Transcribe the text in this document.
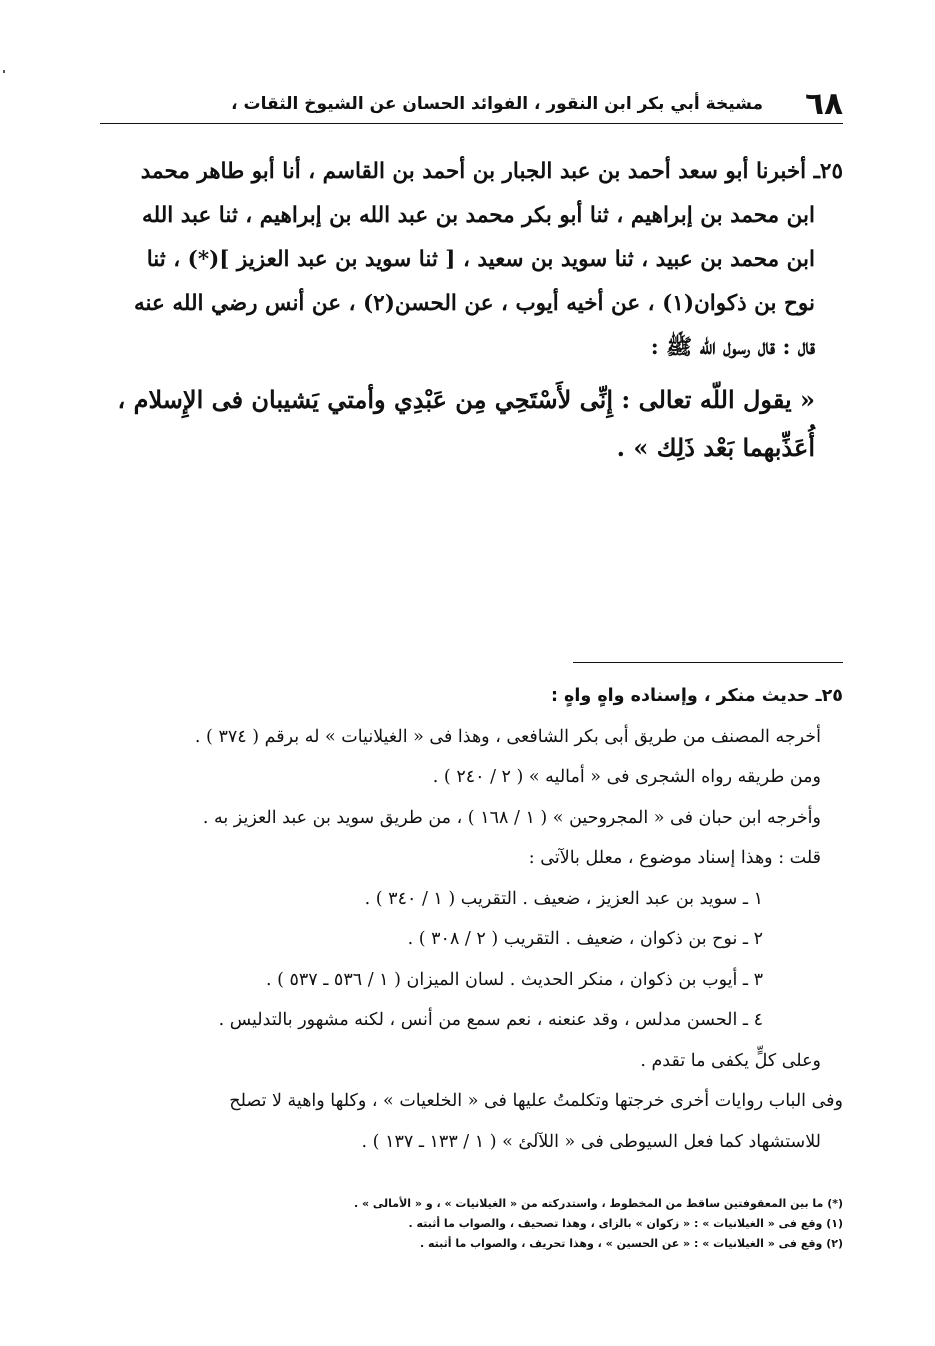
٦٨
مشيخة أبي بكر ابن النقور ، الفوائد الحسان عن الشيوخ الثقات ،
٢٥ـ أخبرنا أبو سعد أحمد بن عبد الجبار بن أحمد بن القاسم ، أنا أبو طاهر محمد
ابن محمد بن إبراهيم ، ثنا أبو بكر محمد بن عبد الله بن إبراهيم ، ثنا عبد الله
ابن محمد بن عبيد ، ثنا سويد بن سعيد ، [ ثنا سويد بن عبد العزيز ](*) ، ثنا
نوح بن ذكوان(١) ، عن أخيه أيوب ، عن الحسن(٢) ، عن أنس رضي الله عنه
قال : قال رسول الله ﷺ :
« يقول اللّه تعالى : إِنِّى لأَسْتَحِي مِن عَبْدِي وأمتي يَشيبان فى الإِسلام ،
أُعَذِّبهما بَعْد ذَلِك » .
٢٥ـ حديث منكر ، وإسناده واهٍ واهٍ :
أخرجه المصنف من طريق أبى بكر الشافعى ، وهذا فى « الغيلانيات » له برقم ( ٣٧٤ ) .
ومن طريقه رواه الشجرى فى « أماليه » ( ٢ / ٢٤٠ ) .
وأخرجه ابن حبان فى « المجروحين » ( ١ / ١٦٨ ) ، من طريق سويد بن عبد العزيز به .
قلت : وهذا إسناد موضوع ، معلل بالآتى :
١ ـ سويد بن عبد العزيز ، ضعيف . التقريب ( ١ / ٣٤٠ ) .
٢ ـ نوح بن ذكوان ، ضعيف . التقريب ( ٢ / ٣٠٨ ) .
٣ ـ أيوب بن ذكوان ، منكر الحديث . لسان الميزان ( ١ / ٥٣٦ ـ ٥٣٧ ) .
٤ ـ الحسن مدلس ، وقد عنعنه ، نعم سمع من أنس ، لكنه مشهور بالتدليس .
وعلى كلٍّ يكفى ما تقدم .
وفى الباب روايات أخرى خرجتها وتكلمتُ عليها فى « الخلعيات » ، وكلها واهية لا تصلح
للاستشهاد كما فعل السيوطى فى « اللآلئ » ( ١ / ١٣٣ ـ ١٣٧ ) .
(*) ما بين المعقوفتين ساقط من المخطوط ، واستدركته من « الغيلانيات » ، و « الأمالى » .
(١) وقع فى « الغيلانيات » : « زكوان » بالزاى ، وهذا تصحيف ، والصواب ما أثبته .
(٢) وقع فى « الغيلانيات » : « عن الحسين » ، وهذا تحريف ، والصواب ما أثبته .
